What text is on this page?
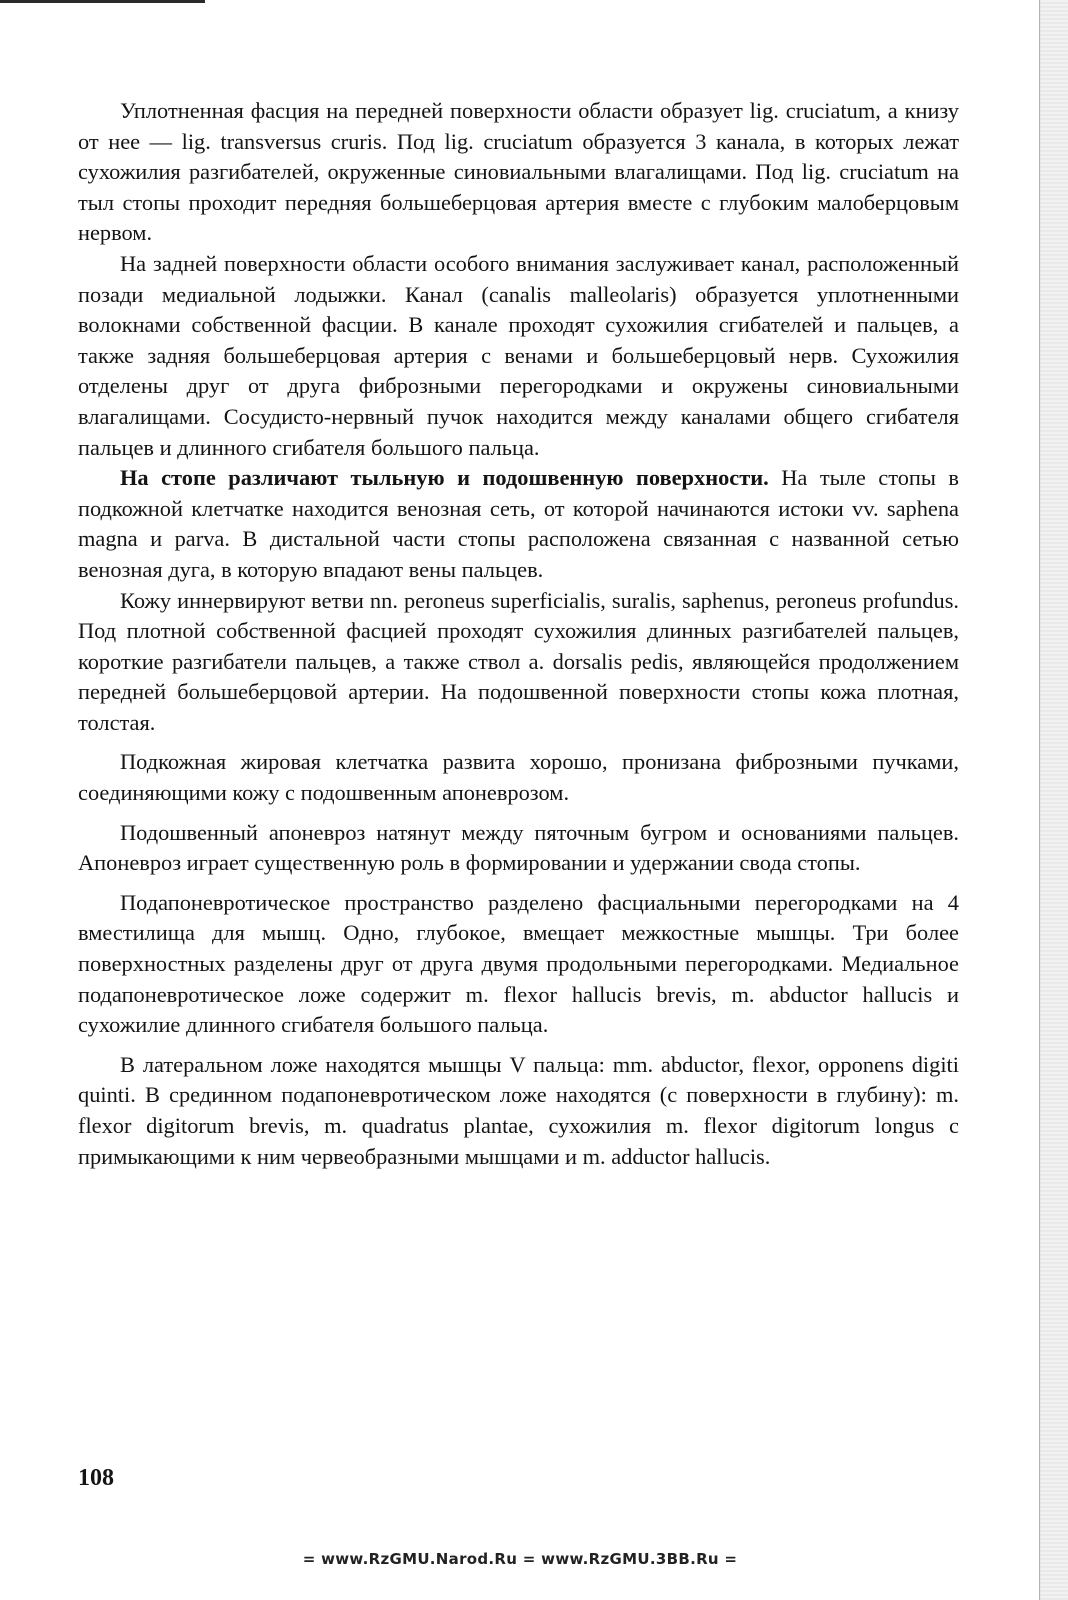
Уплотненная фасция на передней поверхности области образует lig. cruciatum, а книзу от нее — lig. transversus cruris. Под lig. cruciatum образуется 3 канала, в которых лежат сухожилия разгибателей, окруженные синовиальными влагалищами. Под lig. cruciatum на тыл стопы проходит передняя большеберцовая артерия вместе с глубоким малоберцовым нервом.

На задней поверхности области особого внимания заслуживает канал, расположенный позади медиальной лодыжки. Канал (canalis malleolaris) образуется уплотненными волокнами собственной фасции. В канале проходят сухожилия сгибателей и пальцев, а также задняя большеберцовая артерия с венами и большеберцовый нерв. Сухожилия отделены друг от друга фиброзными перегородками и окружены синовиальными влагалищами. Сосудисто-нервный пучок находится между каналами общего сгибателя пальцев и длинного сгибателя большого пальца.

На стопе различают тыльную и подошвенную поверхности. На тыле стопы в подкожной клетчатке находится венозная сеть, от которой начинаются истоки vv. saphena magna и parva. В дистальной части стопы расположена связанная с названной сетью венозная дуга, в которую впадают вены пальцев.

Кожу иннервируют ветви nn. peroneus superficialis, suralis, saphenus, peroneus profundus. Под плотной собственной фасцией проходят сухожилия длинных разгибателей пальцев, короткие разгибатели пальцев, а также ствол a. dorsalis pedis, являющейся продолжением передней большеберцовой артерии. На подошвенной поверхности стопы кожа плотная, толстая.

Подкожная жировая клетчатка развита хорошо, пронизана фиброзными пучками, соединяющими кожу с подошвенным апоневрозом.

Подошвенный апоневроз натянут между пяточным бугром и основаниями пальцев. Апоневроз играет существенную роль в формировании и удержании свода стопы.

Подапоневротическое пространство разделено фасциальными перегородками на 4 вместилища для мышц. Одно, глубокое, вмещает межкостные мышцы. Три более поверхностных разделены друг от друга двумя продольными перегородками. Медиальное подапоневротическое ложе содержит m. flexor hallucis brevis, m. abductor hallucis и сухожилие длинного сгибателя большого пальца.

В латеральном ложе находятся мышцы V пальца: mm. abductor, flexor, opponens digiti quinti. В срединном подапоневротическом ложе находятся (с поверхности в глубину): m. flexor digitorum brevis, m. quadratus plantae, сухожилия m. flexor digitorum longus с примыкающими к ним червеобразными мышцами и m. adductor hallucis.

108
= www.RzGMU.Narod.Ru = www.RzGMU.3BB.Ru =
